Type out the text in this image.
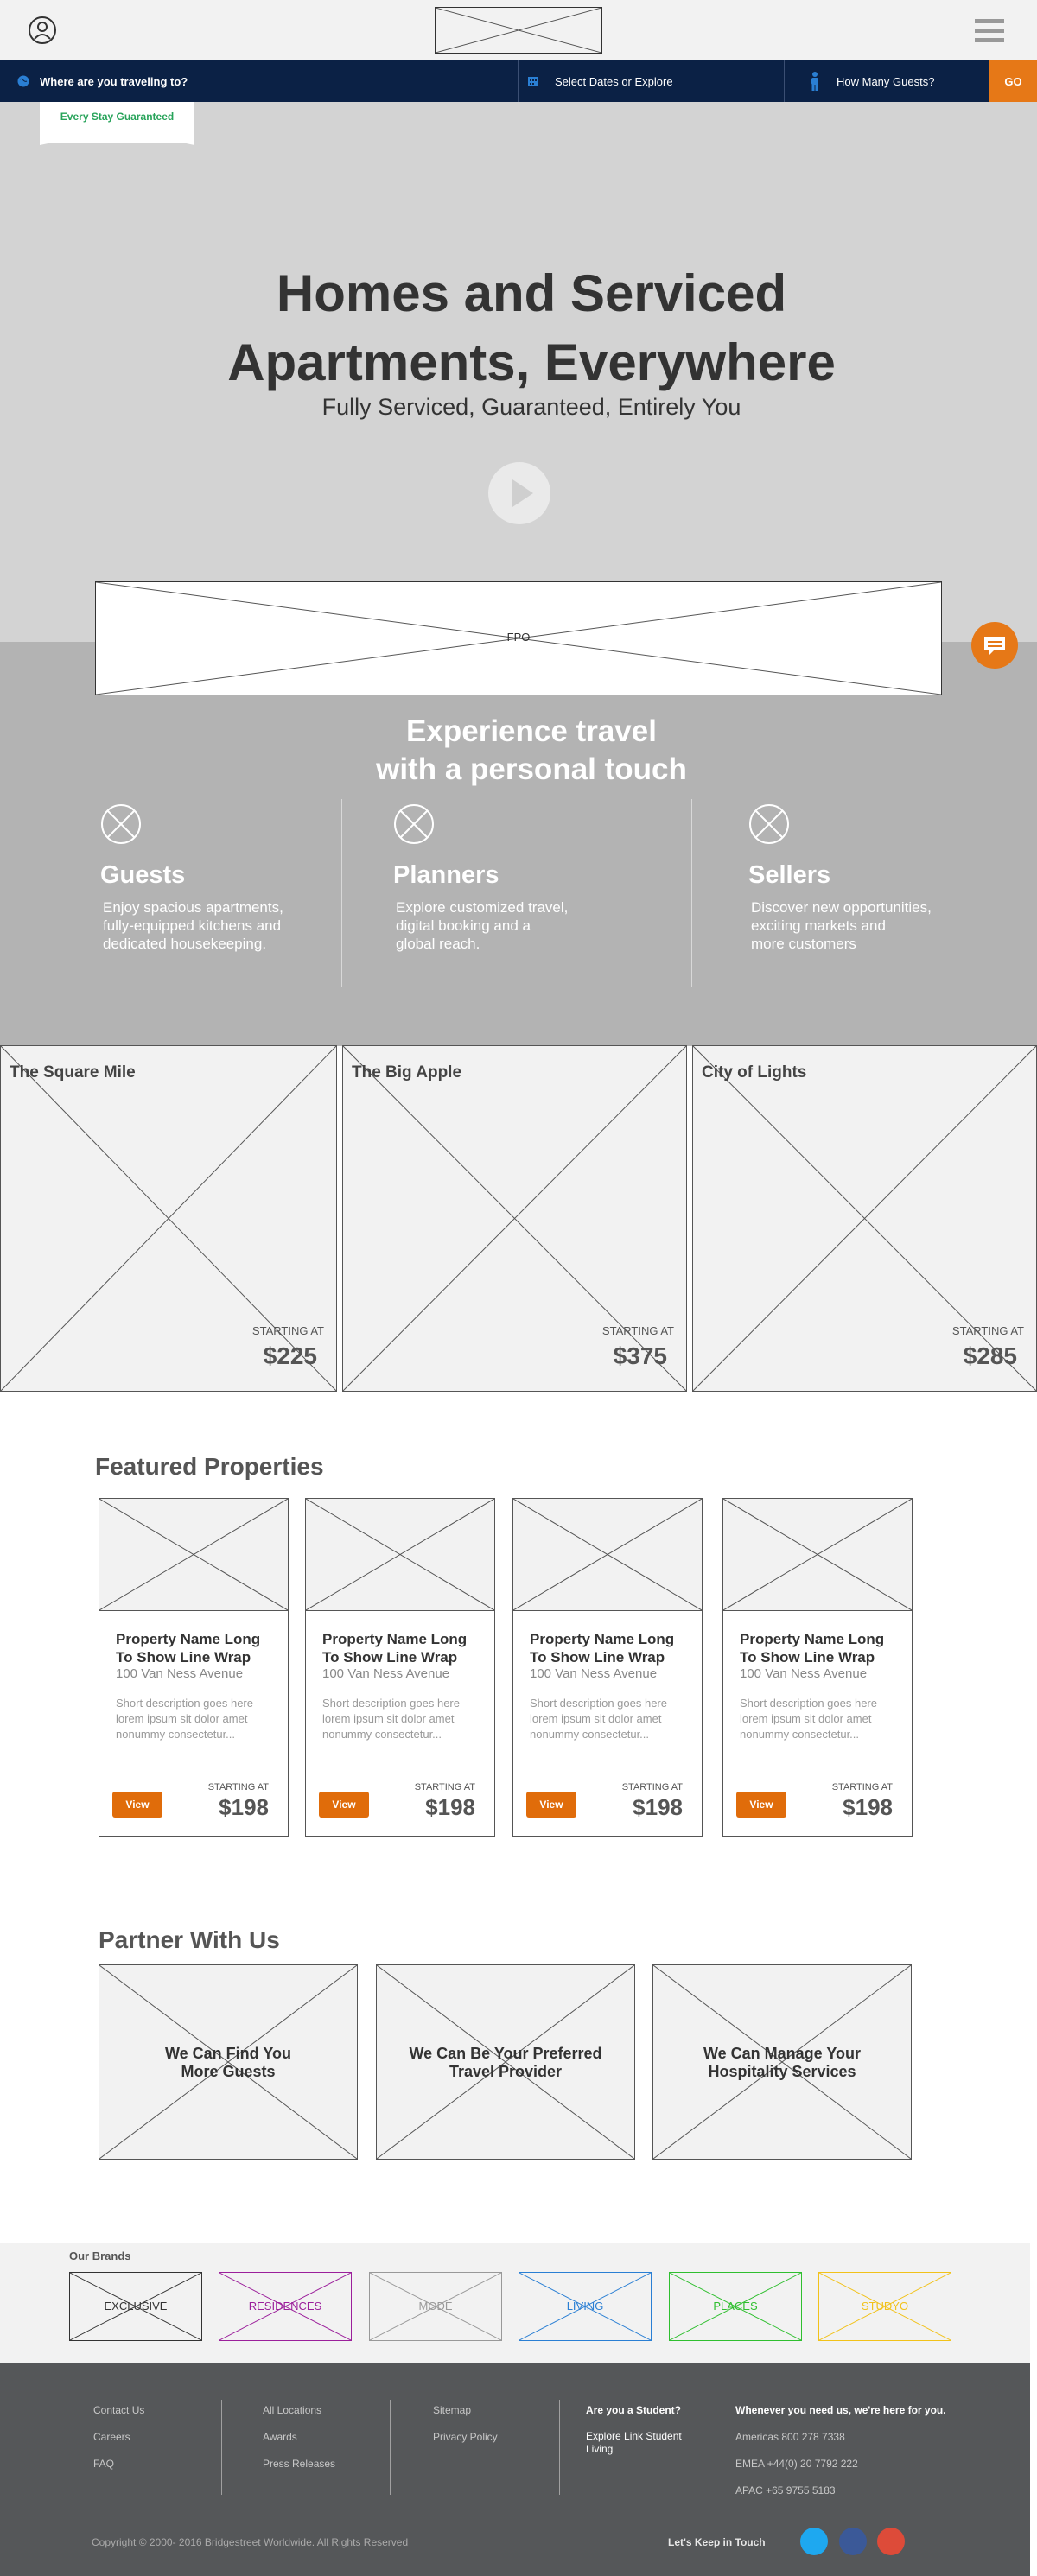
Where are you traveling to?	Select Dates or Explore	How Many Guests?	GO
Every Stay Guaranteed
Homes and Serviced
Apartments, Everywhere
Fully Serviced, Guaranteed, Entirely You
FPO
Experience travel
with a personal touch
Guests

Enjoy spacious apartments,
fully-equipped kitchens and
dedicated housekeeping.

Planners

Explore customized travel,
digital booking and a
global reach.

Sellers

Discover new opportunities,
exciting markets and
more customers

The Square Mile
STARTING AT
$225
The Big Apple
STARTING AT
$375
City of Lights
STARTING AT
$285
Featured Properties
Property Name Long To Show Line Wrap
100 Van Ness Avenue
Short description goes here
lorem ipsum sit dolor amet
nonummy consectetur...
View
STARTING AT
$198
Property Name Long To Show Line Wrap
100 Van Ness Avenue
Short description goes here
lorem ipsum sit dolor amet
nonummy consectetur...
View
STARTING AT
$198
Property Name Long To Show Line Wrap
100 Van Ness Avenue
Short description goes here
lorem ipsum sit dolor amet
nonummy consectetur...
View
STARTING AT
$198
Property Name Long To Show Line Wrap
100 Van Ness Avenue
Short description goes here
lorem ipsum sit dolor amet
nonummy consectetur...
View
STARTING AT
$198
Partner With Us
We Can Find You
More Guests
We Can Be Your Preferred
Travel Provider
We Can Manage Your
Hospitality Services
Our Brands
EXCLUSIVE	RESIDENCES	MODE	LIVING	PLACES	STUDYO
Contact Us
Careers
FAQ
All Locations
Awards
Press Releases
Sitemap
Privacy Policy
Are you a Student?
Explore Link Student
Living
Whenever you need us, we're here for you.
Americas 800 278 7338
EMEA +44(0) 20 7792 222
APAC +65 9755 5183
Copyright © 2000- 2016 Bridgestreet Worldwide. All Rights Reserved	Let's Keep in Touch
